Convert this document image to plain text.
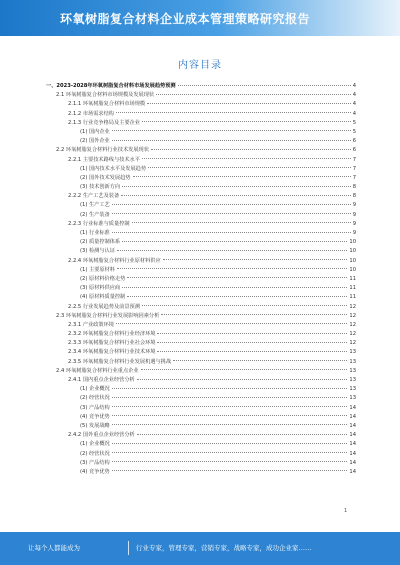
环氧树脂复合材料企业成本管理策略研究报告
内容目录
一、2023-2028年环氧树脂复合材料市场发展趋势预测	4
2.1 环氧树脂复合材料市场规模及发展现状	4
2.1.1 环氧树脂复合材料市场规模	4
2.1.2 市场需求结构	4
2.1.3 行业竞争格局及主要企业	5
(1) 国内企业	5
(2) 国外企业	6
2.2 环氧树脂复合材料行业技术发展现状	6
2.2.1 主要技术路线与技术水平	7
(1) 国内技术水平及发展趋势	7
(2) 国外技术发展趋势	7
(3) 技术创新方向	8
2.2.2 生产工艺及装备	8
(1) 生产工艺	9
(2) 生产装备	9
2.2.3 行业标准与质量控制	9
(1) 行业标准	9
(2) 质量控制体系	10
(3) 检测与认证	10
2.2.4 环氧树脂复合材料行业原材料供应	10
(1) 主要原材料	10
(2) 原材料价格走势	11
(3) 原材料供应商	11
(4) 原材料质量控制	11
2.2.5 行业发展趋势及前景预测	12
2.3 环氧树脂复合材料行业发展影响因素分析	12
2.3.1 产业政策环境	12
2.3.2 环氧树脂复合材料行业经济环境	12
2.3.3 环氧树脂复合材料行业社会环境	12
2.3.4 环氧树脂复合材料行业技术环境	13
2.3.5 环氧树脂复合材料行业发展机遇与挑战	13
2.4 环氧树脂复合材料行业重点企业	13
2.4.1 国内重点企业经营分析	13
(1) 企业概况	13
(2) 经营状况	13
(3) 产品结构	14
(4) 竞争优势	14
(5) 发展战略	14
2.4.2 国外重点企业经营分析	14
(1) 企业概况	14
(2) 经营状况	14
(3) 产品结构	14
(4) 竞争优势	14
1
让每个人都能成为	行业专家，管理专家，营销专家，战略专家，成功企业家……
